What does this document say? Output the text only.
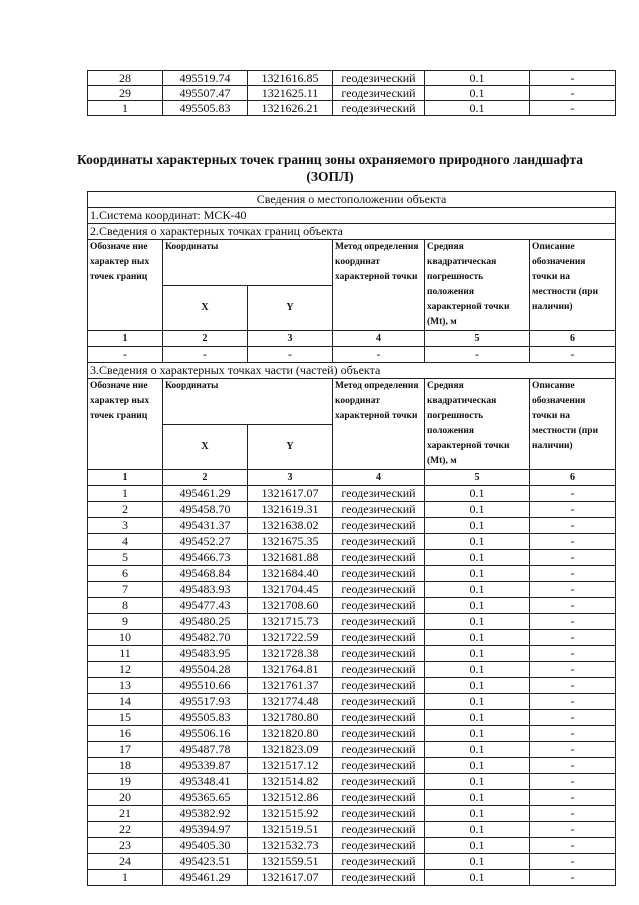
28	495519.74	1321616.85	геодезический	0.1	-
29	495507.47	1321625.11	геодезический	0.1	-
1	495505.83	1321626.21	геодезический	0.1	-
Координаты характерных точек границ зоны охраняемого природного ландшафта (ЗОПЛ)
Сведения о местоположении объекта					
1.Система координат: МСК-40					
2.Сведения о характерных точках границ объекта					
Обозначе ние характер ных точек границ	Координаты		Метод определения координат характерной точки	Средняя квадратическая погрешность положения характерной точки (Mt), м	Описание обозначения точки на местности (при наличии)
	X	Y			
1	2	3	4	5	6
-	-	-	-	-	-
3.Сведения о характерных точках части (частей) объекта					
Обозначе ние характер ных точек границ	Координаты		Метод определения координат характерной точки	Средняя квадратическая погрешность положения характерной точки (Mt), м	Описание обозначения точки на местности (при наличии)
	X	Y			
1	2	3	4	5	6
1	495461.29	1321617.07	геодезический	0.1	-
2	495458.70	1321619.31	геодезический	0.1	-
3	495431.37	1321638.02	геодезический	0.1	-
4	495452.27	1321675.35	геодезический	0.1	-
5	495466.73	1321681.88	геодезический	0.1	-
6	495468.84	1321684.40	геодезический	0.1	-
7	495483.93	1321704.45	геодезический	0.1	-
8	495477.43	1321708.60	геодезический	0.1	-
9	495480.25	1321715.73	геодезический	0.1	-
10	495482.70	1321722.59	геодезический	0.1	-
11	495483.95	1321728.38	геодезический	0.1	-
12	495504.28	1321764.81	геодезический	0.1	-
13	495510.66	1321761.37	геодезический	0.1	-
14	495517.93	1321774.48	геодезический	0.1	-
15	495505.83	1321780.80	геодезический	0.1	-
16	495506.16	1321820.80	геодезический	0.1	-
17	495487.78	1321823.09	геодезический	0.1	-
18	495339.87	1321517.12	геодезический	0.1	-
19	495348.41	1321514.82	геодезический	0.1	-
20	495365.65	1321512.86	геодезический	0.1	-
21	495382.92	1321515.92	геодезический	0.1	-
22	495394.97	1321519.51	геодезический	0.1	-
23	495405.30	1321532.73	геодезический	0.1	-
24	495423.51	1321559.51	геодезический	0.1	-
1	495461.29	1321617.07	геодезический	0.1	-
